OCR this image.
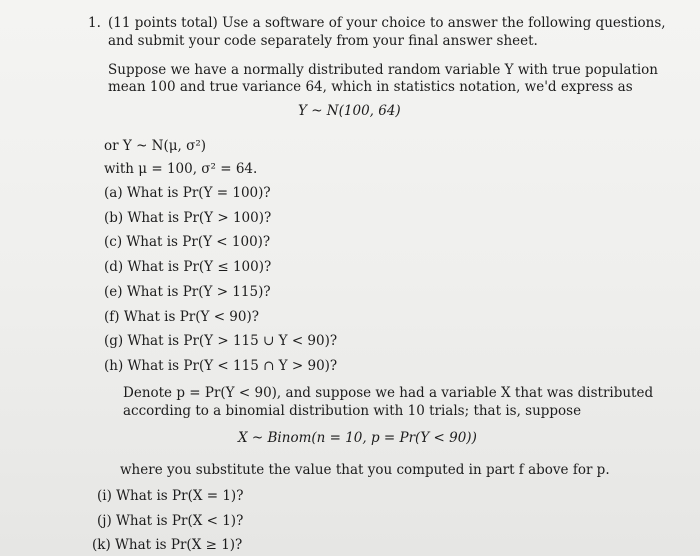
1. (11 points total) Use a software of your choice to answer the following questions,
and submit your code separately from your final answer sheet.
Suppose we have a normally distributed random variable Y with true population
mean 100 and true variance 64, which in statistics notation, we'd express as
Y ~ N(100, 64)
or Y ~ N(μ, σ²)
with μ = 100, σ² = 64.
(a) What is Pr(Y = 100)?
(b) What is Pr(Y > 100)?
(c) What is Pr(Y < 100)?
(d) What is Pr(Y ≤ 100)?
(e) What is Pr(Y > 115)?
(f) What is Pr(Y < 90)?
(g) What is Pr(Y > 115 ∪ Y < 90)?
(h) What is Pr(Y < 115 ∩ Y > 90)?
Denote p = Pr(Y < 90), and suppose we had a variable X that was distributed
according to a binomial distribution with 10 trials; that is, suppose
X ~ Binom(n = 10, p = Pr(Y < 90))
where you substitute the value that you computed in part f above for p.
(i) What is Pr(X = 1)?
(j) What is Pr(X < 1)?
(k) What is Pr(X ≥ 1)?
